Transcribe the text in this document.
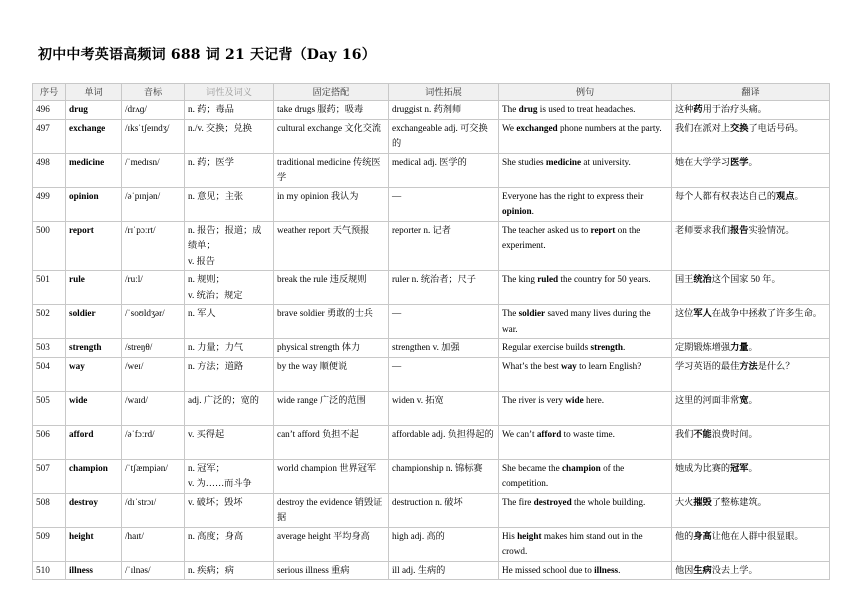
初中中考英语高频词 688 词 21 天记背（Day 16）
序号	单词	音标	词性及词义	固定搭配	词性拓展	例句	翻译
496	drug	/drʌɡ/	n. 药；毒品	take drugs 服药；吸毒	druggist n. 药剂师	The drug is used to treat headaches.	这种药用于治疗头痛。
497	exchange	/ɪksˈtʃeɪndʒ/	n./v. 交换；兑换	cultural exchange 文化交流	exchangeable adj. 可交换的	We exchanged phone numbers at the party.	我们在派对上交换了电话号码。
498	medicine	/ˈmedɪsn/	n. 药；医学	traditional medicine 传统医学	medical adj. 医学的	She studies medicine at university.	她在大学学习医学。
499	opinion	/əˈpɪnjən/	n. 意见；主张	in my opinion 我认为	—	Everyone has the right to express their opinion.	每个人都有权表达自己的观点。
500	report	/rɪˈpɔːrt/	n. 报告；报道；成绩单；
v. 报告	weather report 天气预报	reporter n. 记者	The teacher asked us to report on the experiment.	老师要求我们报告实验情况。
501	rule	/ruːl/	n. 规则；
v. 统治；规定	break the rule 违反规则	ruler n. 统治者；尺子	The king ruled the country for 50 years.	国王统治这个国家 50 年。
502	soldier	/ˈsoʊldʒər/	n. 军人	brave soldier 勇敢的士兵	—	The soldier saved many lives during the war.	这位军人在战争中拯救了许多生命。
503	strength	/streŋθ/	n. 力量；力气	physical strength 体力	strengthen v. 加强	Regular exercise builds strength.	定期锻炼增强力量。
504	way	/weɪ/	n. 方法；道路	by the way 顺便说	—	What’s the best way to learn English?	学习英语的最佳方法是什么？
505	wide	/waɪd/	adj. 广泛的；宽的	wide range 广泛的范围	widen v. 拓宽	The river is very wide here.	这里的河面非常宽。
506	afford	/əˈfɔːrd/	v. 买得起	can’t afford 负担不起	affordable adj. 负担得起的	We can’t afford to waste time.	我们不能浪费时间。
507	champion	/ˈtʃæmpiən/	n. 冠军；
v. 为……而斗争	world champion 世界冠军	championship n. 锦标赛	She became the champion of the competition.	她成为比赛的冠军。
508	destroy	/dɪˈstrɔɪ/	v. 破坏；毁坏	destroy the evidence 销毁证据	destruction n. 破坏	The fire destroyed the whole building.	大火摧毁了整栋建筑。
509	height	/haɪt/	n. 高度；身高	average height 平均身高	high adj. 高的	His height makes him stand out in the crowd.	他的身高让他在人群中很显眼。
510	illness	/ˈɪlnəs/	n. 疾病；病	serious illness 重病	ill adj. 生病的	He missed school due to illness.	他因生病没去上学。
